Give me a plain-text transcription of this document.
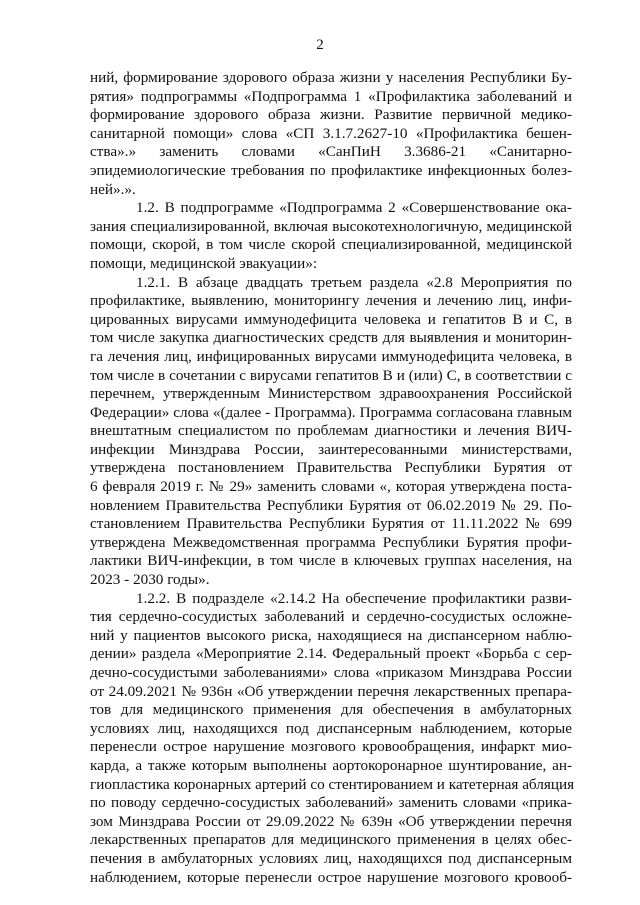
2
ний, формирование здорового образа жизни у населения Республики Бу-
рятия» подпрограммы «Подпрограмма 1 «Профилактика заболеваний и
формирование здорового образа жизни. Развитие первичной медико-
санитарной помощи» слова «СП 3.1.7.2627-10 «Профилактика бешен-
ства».» заменить словами «СанПиН 3.3686-21 «Санитарно-
эпидемиологические требования по профилактике инфекционных болез-
ней».».
1.2. В подпрограмме «Подпрограмма 2 «Совершенствование ока-
зания специализированной, включая высокотехнологичную, медицинской
помощи, скорой, в том числе скорой специализированной, медицинской
помощи, медицинской эвакуации»:
1.2.1. В абзаце двадцать третьем раздела «2.8 Мероприятия по
профилактике, выявлению, мониторингу лечения и лечению лиц, инфи-
цированных вирусами иммунодефицита человека и гепатитов B и C, в
том числе закупка диагностических средств для выявления и мониторин-
га лечения лиц, инфицированных вирусами иммунодефицита человека, в
том числе в сочетании с вирусами гепатитов B и (или) C, в соответствии с
перечнем, утвержденным Министерством здравоохранения Российской
Федерации» слова «(далее - Программа). Программа согласована главным
внештатным специалистом по проблемам диагностики и лечения ВИЧ-
инфекции Минздрава России, заинтересованными министерствами,
утверждена постановлением Правительства Республики Бурятия от
6 февраля 2019 г. № 29» заменить словами «, которая утверждена поста-
новлением Правительства Республики Бурятия от 06.02.2019 № 29. По-
становлением Правительства Республики Бурятия от 11.11.2022 № 699
утверждена Межведомственная программа Республики Бурятия профи-
лактики ВИЧ-инфекции, в том числе в ключевых группах населения, на
2023 - 2030 годы».
1.2.2. В подразделе «2.14.2 На обеспечение профилактики разви-
тия сердечно-сосудистых заболеваний и сердечно-сосудистых осложне-
ний у пациентов высокого риска, находящиеся на диспансерном наблю-
дении» раздела «Мероприятие 2.14. Федеральный проект «Борьба с сер-
дечно-сосудистыми заболеваниями» слова «приказом Минздрава России
от 24.09.2021 № 936н «Об утверждении перечня лекарственных препара-
тов для медицинского применения для обеспечения в амбулаторных
условиях лиц, находящихся под диспансерным наблюдением, которые
перенесли острое нарушение мозгового кровообращения, инфаркт мио-
карда, а также которым выполнены аортокоронарное шунтирование, ан-
гиопластика коронарных артерий со стентированием и катетерная абляция
по поводу сердечно-сосудистых заболеваний» заменить словами «прика-
зом Минздрава России от 29.09.2022 № 639н «Об утверждении перечня
лекарственных препаратов для медицинского применения в целях обес-
печения в амбулаторных условиях лиц, находящихся под диспансерным
наблюдением, которые перенесли острое нарушение мозгового кровооб-
